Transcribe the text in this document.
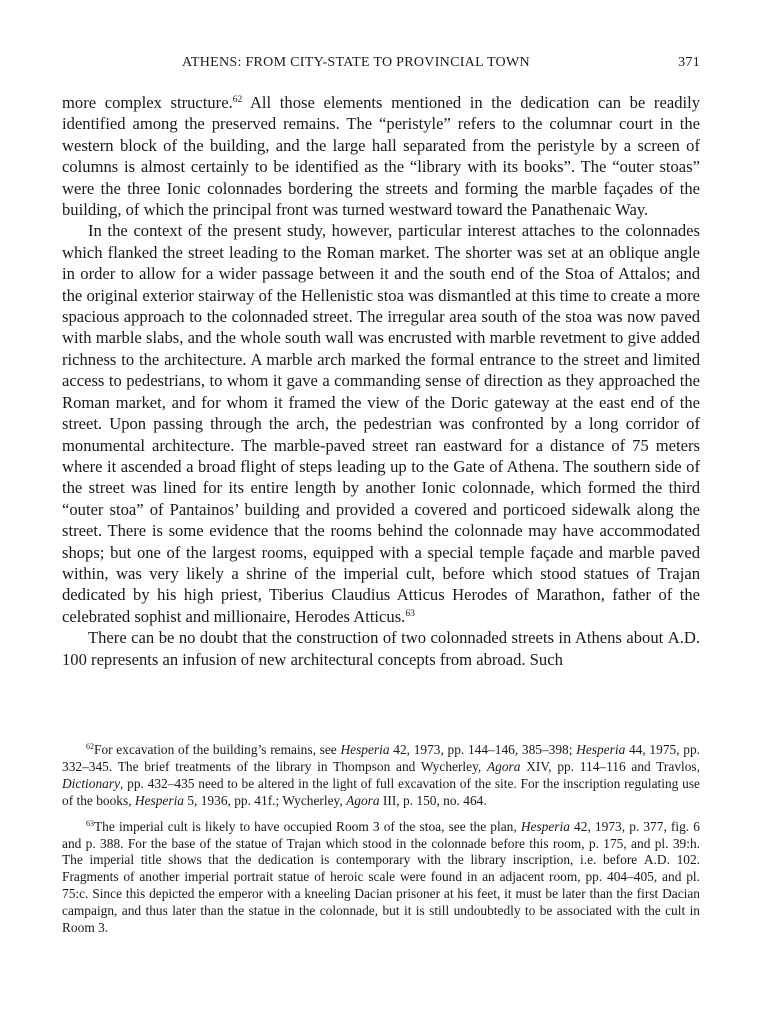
ATHENS: FROM CITY-STATE TO PROVINCIAL TOWN	371

more complex structure.$^{62}$ All those elements mentioned in the dedication can be readily identified among the preserved remains. The “peristyle” refers to the columnar court in the western block of the building, and the large hall separated from the peristyle by a screen of columns is almost certainly to be identified as the “library with its books”. The “outer stoas” were the three Ionic colonnades bordering the streets and forming the marble façades of the building, of which the principal front was turned westward toward the Panathenaic Way.

In the context of the present study, however, particular interest attaches to the colonnades which flanked the street leading to the Roman market. The shorter was set at an oblique angle in order to allow for a wider passage between it and the south end of the Stoa of Attalos; and the original exterior stairway of the Hellenistic stoa was dismantled at this time to create a more spacious approach to the colonnaded street. The irregular area south of the stoa was now paved with marble slabs, and the whole south wall was encrusted with marble revetment to give added richness to the architecture. A marble arch marked the formal entrance to the street and limited access to pedestrians, to whom it gave a commanding sense of direction as they approached the Roman market, and for whom it framed the view of the Doric gateway at the east end of the street. Upon passing through the arch, the pedestrian was confronted by a long corridor of monumental architecture. The marble-paved street ran eastward for a distance of 75 meters where it ascended a broad flight of steps leading up to the Gate of Athena. The southern side of the street was lined for its entire length by another Ionic colonnade, which formed the third “outer stoa” of Pantainos’ building and provided a covered and porticoed sidewalk along the street. There is some evidence that the rooms behind the colonnade may have accommodated shops; but one of the largest rooms, equipped with a special temple façade and marble paved within, was very likely a shrine of the imperial cult, before which stood statues of Trajan dedicated by his high priest, Tiberius Claudius Atticus Herodes of Marathon, father of the celebrated sophist and millionaire, Herodes Atticus.$^{63}$

There can be no doubt that the construction of two colonnaded streets in Athens about A.D. 100 represents an infusion of new architectural concepts from abroad. Such

$^{62}$For excavation of the building’s remains, see Hesperia 42, 1973, pp. 144–146, 385–398; Hesperia 44, 1975, pp. 332–345. The brief treatments of the library in Thompson and Wycherley, Agora XIV, pp. 114–116 and Travlos, Dictionary, pp. 432–435 need to be altered in the light of full excavation of the site. For the inscription regulating use of the books, Hesperia 5, 1936, pp. 41f.; Wycherley, Agora III, p. 150, no. 464.

$^{63}$The imperial cult is likely to have occupied Room 3 of the stoa, see the plan, Hesperia 42, 1973, p. 377, fig. 6 and p. 388. For the base of the statue of Trajan which stood in the colonnade before this room, p. 175, and pl. 39:h. The imperial title shows that the dedication is contemporary with the library inscription, i.e. before A.D. 102. Fragments of another imperial portrait statue of heroic scale were found in an adjacent room, pp. 404–405, and pl. 75:c. Since this depicted the emperor with a kneeling Dacian prisoner at his feet, it must be later than the first Dacian campaign, and thus later than the statue in the colonnade, but it is still undoubtedly to be associated with the cult in Room 3.
